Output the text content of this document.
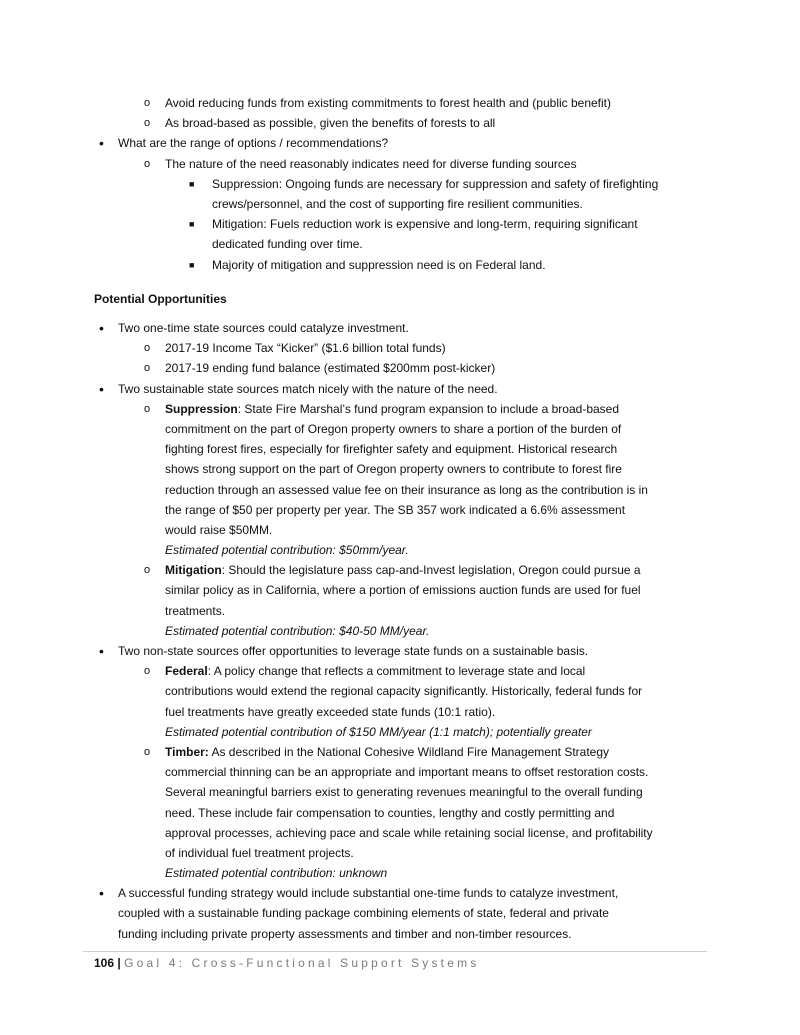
o Avoid reducing funds from existing commitments to forest health and (public benefit)
o As broad-based as possible, given the benefits of forests to all
• What are the range of options / recommendations?
o The nature of the need reasonably indicates need for diverse funding sources
■ Suppression: Ongoing funds are necessary for suppression and safety of firefighting
crews/personnel, and the cost of supporting fire resilient communities.
■ Mitigation: Fuels reduction work is expensive and long-term, requiring significant
dedicated funding over time.
■ Majority of mitigation and suppression need is on Federal land.
Potential Opportunities
• Two one-time state sources could catalyze investment.
o 2017-19 Income Tax “Kicker” ($1.6 billion total funds)
o 2017-19 ending fund balance (estimated $200mm post-kicker)
• Two sustainable state sources match nicely with the nature of the need.
o Suppression: State Fire Marshal’s fund program expansion to include a broad-based
commitment on the part of Oregon property owners to share a portion of the burden of
fighting forest fires, especially for firefighter safety and equipment. Historical research
shows strong support on the part of Oregon property owners to contribute to forest fire
reduction through an assessed value fee on their insurance as long as the contribution is in
the range of $50 per property per year. The SB 357 work indicated a 6.6% assessment
would raise $50MM.
Estimated potential contribution: $50mm/year.
o Mitigation: Should the legislature pass cap-and-Invest legislation, Oregon could pursue a
similar policy as in California, where a portion of emissions auction funds are used for fuel
treatments.
Estimated potential contribution: $40-50 MM/year.
• Two non-state sources offer opportunities to leverage state funds on a sustainable basis.
o Federal: A policy change that reflects a commitment to leverage state and local
contributions would extend the regional capacity significantly. Historically, federal funds for
fuel treatments have greatly exceeded state funds (10:1 ratio).
Estimated potential contribution of $150 MM/year (1:1 match); potentially greater
o Timber: As described in the National Cohesive Wildland Fire Management Strategy
commercial thinning can be an appropriate and important means to offset restoration costs.
Several meaningful barriers exist to generating revenues meaningful to the overall funding
need. These include fair compensation to counties, lengthy and costly permitting and
approval processes, achieving pace and scale while retaining social license, and profitability
of individual fuel treatment projects.
Estimated potential contribution: unknown
• A successful funding strategy would include substantial one-time funds to catalyze investment,
coupled with a sustainable funding package combining elements of state, federal and private
funding including private property assessments and timber and non-timber resources.
106 | Goal 4: Cross-Functional Support Systems
